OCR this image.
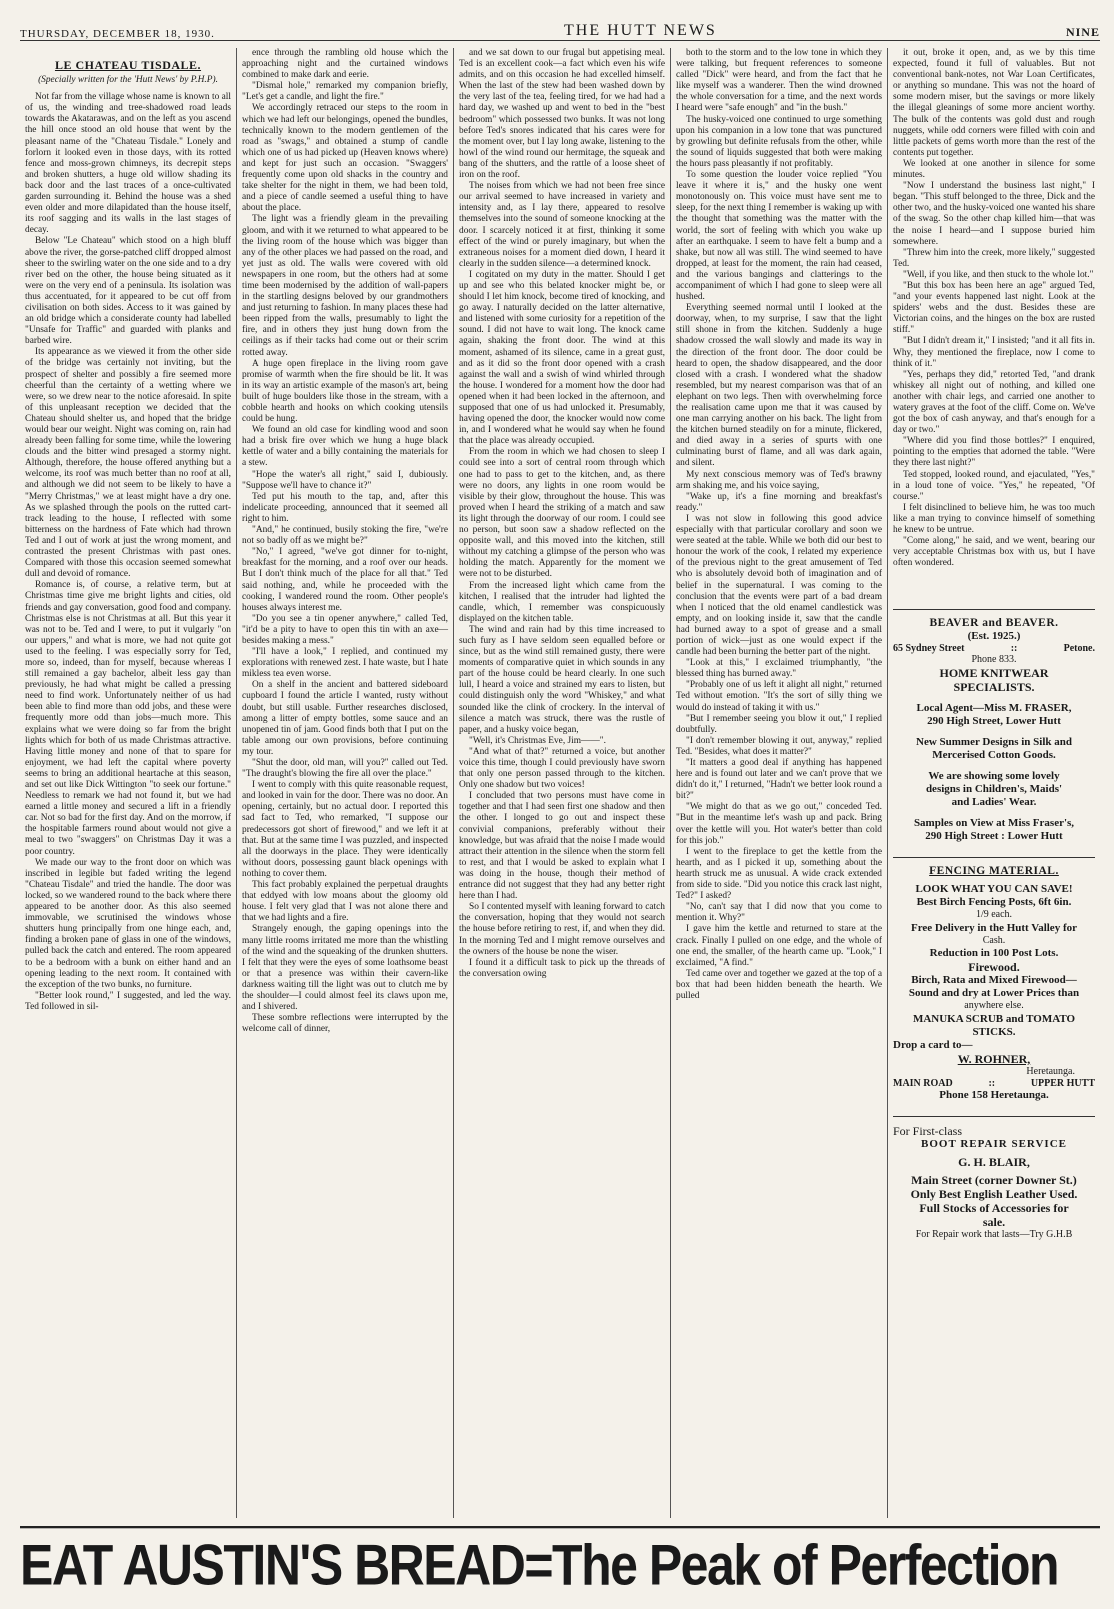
THURSDAY, DECEMBER 18, 1930.	THE HUTT NEWS	NINE
LE CHATEAU TISDALE.
(Specially written for the 'Hutt News' by P.H.P).

Not far from the village whose name is known to all of us, the winding and tree-shadowed road leads towards the Akatarawas, and on the left as you ascend the hill once stood an old house that went by the pleasant name of the "Chateau Tisdale." Lonely and forlorn it looked even in those days, with its rotted fence and moss-grown chimneys, its decrepit steps and broken shutters, a huge old willow shading its back door and the last traces of a once-cultivated garden surrounding it. Behind the house was a shed even older and more dilapidated than the house itself, its roof sagging and its walls in the last stages of decay.

Below "Le Chateau" which stood on a high bluff above the river, the gorse-patched cliff dropped almost sheer to the swirling water on the one side and to a dry river bed on the other, the house being situated as it were on the very end of a peninsula. Its isolation was thus accentuated, for it appeared to be cut off from civilisation on both sides. Access to it was gained by an old bridge which a considerate county had labelled "Unsafe for Traffic" and guarded with planks and barbed wire.

Its appearance as we viewed it from the other side of the bridge was certainly not inviting, but the prospect of shelter and possibly a fire seemed more cheerful than the certainty of a wetting where we were, so we drew near to the notice aforesaid. In spite of this unpleasant reception we decided that the Chateau should shelter us, and hoped that the bridge would bear our weight. Night was coming on, rain had already been falling for some time, while the lowering clouds and the bitter wind presaged a stormy night. Although, therefore, the house offered anything but a welcome, its roof was much better than no roof at all, and although we did not seem to be likely to have a "Merry Christmas," we at least might have a dry one. As we splashed through the pools on the rutted cart-track leading to the house, I reflected with some bitterness on the hardness of Fate which had thrown Ted and I out of work at just the wrong moment, and contrasted the present Christmas with past ones. Compared with those this occasion seemed somewhat dull and devoid of romance.

Romance is, of course, a relative term, but at Christmas time give me bright lights and cities, old friends and gay conversation, good food and company. Christmas else is not Christmas at all. But this year it was not to be. Ted and I were, to put it vulgarly "on our uppers," and what is more, we had not quite got used to the feeling. I was especially sorry for Ted, more so, indeed, than for myself, because whereas I still remained a gay bachelor, albeit less gay than previously, he had what might be called a pressing need to find work. Unfortunately neither of us had been able to find more than odd jobs, and these were frequently more odd than jobs—much more. This explains what we were doing so far from the bright lights which for both of us made Christmas attractive. Having little money and none of that to spare for enjoyment, we had left the capital where poverty seems to bring an additional heartache at this season, and set out like Dick Wittington "to seek our fortune." Needless to remark we had not found it, but we had earned a little money and secured a lift in a friendly car. Not so bad for the first day. And on the morrow, if the hospitable farmers round about would not give a meal to two "swaggers" on Christmas Day it was a poor country.

We made our way to the front door on which was inscribed in legible but faded writing the legend "Chateau Tisdale" and tried the handle. The door was locked, so we wandered round to the back where there appeared to be another door. As this also seemed immovable, we scrutinised the windows whose shutters hung principally from one hinge each, and, finding a broken pane of glass in one of the windows, pulled back the catch and entered. The room appeared to be a bedroom with a bunk on either hand and an opening leading to the next room. It contained with the exception of the two bunks, no furniture.

"Better look round," I suggested, and led the way. Ted followed in sil-

ence through the rambling old house which the approaching night and the curtained windows combined to make dark and eerie.

"Dismal hole," remarked my companion briefly, "Let's get a candle, and light the fire."

We accordingly retraced our steps to the room in which we had left our belongings, opened the bundles, technically known to the modern gentlemen of the road as "swags," and obtained a stump of candle which one of us had picked up (Heaven knows where) and kept for just such an occasion. "Swaggers' frequently come upon old shacks in the country and take shelter for the night in them, we had been told, and a piece of candle seemed a useful thing to have about the place.

The light was a friendly gleam in the prevailing gloom, and with it we returned to what appeared to be the living room of the house which was bigger than any of the other places we had passed on the road, and yet just as old. The walls were covered with old newspapers in one room, but the others had at some time been modernised by the addition of wall-papers in the startling designs beloved by our grandmothers and just returning to fashion. In many places these had been ripped from the walls, presumably to light the fire, and in others they just hung down from the ceilings as if their tacks had come out or their scrim rotted away.

A huge open fireplace in the living room gave promise of warmth when the fire should be lit. It was in its way an artistic example of the mason's art, being built of huge boulders like those in the stream, with a cobble hearth and hooks on which cooking utensils could be hung.

We found an old case for kindling wood and soon had a brisk fire over which we hung a huge black kettle of water and a billy containing the materials for a stew.

"Hope the water's all right," said I, dubiously. "Suppose we'll have to chance it?"

Ted put his mouth to the tap, and, after this indelicate proceeding, announced that it seemed all right to him.

"And," he continued, busily stoking the fire, "we're not so badly off as we might be?"

"No," I agreed, "we've got dinner for to-night, breakfast for the morning, and a roof over our heads. But I don't think much of the place for all that." Ted said nothing, and, while he proceeded with the cooking, I wandered round the room. Other people's houses always interest me.

"Do you see a tin opener anywhere," called Ted, "it'd be a pity to have to open this tin with an axe—besides making a mess."

"I'll have a look," I replied, and continued my explorations with renewed zest. I hate waste, but I hate mikless tea even worse.

On a shelf in the ancient and battered sideboard cupboard I found the article I wanted, rusty without doubt, but still usable. Further researches disclosed, among a litter of empty bottles, some sauce and an unopened tin of jam. Good finds both that I put on the table among our own provisions, before continuing my tour.

"Shut the door, old man, will you?" called out Ted. "The draught's blowing the fire all over the place."

I went to comply with this quite reasonable request, and looked in vain for the door. There was no door. An opening, certainly, but no actual door. I reported this sad fact to Ted, who remarked, "I suppose our predecessors got short of firewood," and we left it at that. But at the same time I was puzzled, and inspected all the doorways in the place. They were identically without doors, possessing gaunt black openings with nothing to cover them.

This fact probably explained the perpetual draughts that eddyed with low moans about the gloomy old house. I felt very glad that I was not alone there and that we had lights and a fire.

Strangely enough, the gaping openings into the many little rooms irritated me more than the whistling of the wind and the squeaking of the drunken shutters. I felt that they were the eyes of some loathsome beast or that a presence was within their cavern-like darkness waiting till the light was out to clutch me by the shoulder—I could almost feel its claws upon me, and I shivered.

These sombre reflections were interrupted by the welcome call of dinner,

and we sat down to our frugal but appetising meal. Ted is an excellent cook—a fact which even his wife admits, and on this occasion he had excelled himself. When the last of the stew had been washed down by the very last of the tea, feeling tired, for we had had a hard day, we washed up and went to bed in the "best bedroom" which possessed two bunks. It was not long before Ted's snores indicated that his cares were for the moment over, but I lay long awake, listening to the howl of the wind round our hermitage, the squeak and bang of the shutters, and the rattle of a loose sheet of iron on the roof.

The noises from which we had not been free since our arrival seemed to have increased in variety and intensity and, as I lay there, appeared to resolve themselves into the sound of someone knocking at the door. I scarcely noticed it at first, thinking it some effect of the wind or purely imaginary, but when the extraneous noises for a moment died down, I heard it clearly in the sudden silence—a determined knock.

I cogitated on my duty in the matter. Should I get up and see who this belated knocker might be, or should I let him knock, become tired of knocking, and go away. I naturally decided on the latter alternative, and listened with some curiosity for a repetition of the sound. I did not have to wait long. The knock came again, shaking the front door. The wind at this moment, ashamed of its silence, came in a great gust, and as it did so the front door opened with a crash against the wall and a swish of wind whirled through the house. I wondered for a moment how the door had opened when it had been locked in the afternoon, and supposed that one of us had unlocked it. Presumably, having opened the door, the knocker would now come in, and I wondered what he would say when he found that the place was already occupied.

From the room in which we had chosen to sleep I could see into a sort of central room through which one had to pass to get to the kitchen, and, as there were no doors, any lights in one room would be visible by their glow, throughout the house. This was proved when I heard the striking of a match and saw its light through the doorway of our room. I could see no person, but soon saw a shadow reflected on the opposite wall, and this moved into the kitchen, still without my catching a glimpse of the person who was holding the match. Apparently for the moment we were not to be disturbed.

From the increased light which came from the kitchen, I realised that the intruder had lighted the candle, which, I remember was conspicuously displayed on the kitchen table.

The wind and rain had by this time increased to such fury as I have seldom seen equalled before or since, but as the wind still remained gusty, there were moments of comparative quiet in which sounds in any part of the house could be heard clearly. In one such lull, I heard a voice and strained my ears to listen, but could distinguish only the word "Whiskey," and what sounded like the clink of crockery. In the interval of silence a match was struck, there was the rustle of paper, and a husky voice began,

"Well, it's Christmas Eve, Jim——".

"And what of that?" returned a voice, but another voice this time, though I could previously have sworn that only one person passed through to the kitchen. Only one shadow but two voices!

I concluded that two persons must have come in together and that I had seen first one shadow and then the other. I longed to go out and inspect these convivial companions, preferably without their knowledge, but was afraid that the noise I made would attract their attention in the silence when the storm fell to rest, and that I would be asked to explain what I was doing in the house, though their method of entrance did not suggest that they had any better right here than I had.

So I contented myself with leaning forward to catch the conversation, hoping that they would not search the house before retiring to rest, if, and when they did. In the morning Ted and I might remove ourselves and the owners of the house be none the wiser.

I found it a difficult task to pick up the threads of the conversation owing

both to the storm and to the low tone in which they were talking, but frequent references to someone called "Dick" were heard, and from the fact that he like myself was a wanderer. Then the wind drowned the whole conversation for a time, and the next words I heard were "safe enough" and "in the bush."

The husky-voiced one continued to urge something upon his companion in a low tone that was punctured by growling but definite refusals from the other, while the sound of liquids suggested that both were making the hours pass pleasantly if not profitably.

To some question the louder voice replied "You leave it where it is," and the husky one went monotonously on. This voice must have sent me to sleep, for the next thing I remember is waking up with the thought that something was the matter with the world, the sort of feeling with which you wake up after an earthquake. I seem to have felt a bump and a shake, but now all was still. The wind seemed to have dropped, at least for the moment, the rain had ceased, and the various bangings and clatterings to the accompaniment of which I had gone to sleep were all hushed.

Everything seemed normal until I looked at the doorway, when, to my surprise, I saw that the light still shone in from the kitchen. Suddenly a huge shadow crossed the wall slowly and made its way in the direction of the front door. The door could be heard to open, the shadow disappeared, and the door closed with a crash. I wondered what the shadow resembled, but my nearest comparison was that of an elephant on two legs. Then with overwhelming force the realisation came upon me that it was caused by one man carrying another on his back. The light from the kitchen burned steadily on for a minute, flickered, and died away in a series of spurts with one culminating burst of flame, and all was dark again, and silent.

My next conscious memory was of Ted's brawny arm shaking me, and his voice saying,

"Wake up, it's a fine morning and breakfast's ready."

I was not slow in following this good advice especially with that particular corollary and soon we were seated at the table. While we both did our best to honour the work of the cook, I related my experience of the previous night to the great amusement of Ted who is absolutely devoid both of imagination and of belief in the supernatural. I was coming to the conclusion that the events were part of a bad dream when I noticed that the old enamel candlestick was empty, and on looking inside it, saw that the candle had burned away to a spot of grease and a small portion of wick—just as one would expect if the candle had been burning the better part of the night.

"Look at this," I exclaimed triumphantly, "the blessed thing has burned away."

"Probably one of us left it alight all night," returned Ted without emotion. "It's the sort of silly thing we would do instead of taking it with us."

"But I remember seeing you blow it out," I replied doubtfully.

"I don't remember blowing it out, anyway," replied Ted. "Besides, what does it matter?"

"It matters a good deal if anything has happened here and is found out later and we can't prove that we didn't do it," I returned, "Hadn't we better look round a bit?"

"We might do that as we go out," conceded Ted. "But in the meantime let's wash up and pack. Bring over the kettle will you. Hot water's better than cold for this job."

I went to the fireplace to get the kettle from the hearth, and as I picked it up, something about the hearth struck me as unusual. A wide crack extended from side to side. "Did you notice this crack last night, Ted?" I asked?

"No, can't say that I did now that you come to mention it. Why?"

I gave him the kettle and returned to stare at the crack. Finally I pulled on one edge, and the whole of one end, the smaller, of the hearth came up. "Look," I exclaimed, "A find."

Ted came over and together we gazed at the top of a box that had been hidden beneath the hearth. We pulled

it out, broke it open, and, as we by this time expected, found it full of valuables. But not conventional bank-notes, not War Loan Certificates, or anything so mundane. This was not the hoard of some modern miser, but the savings or more likely the illegal gleanings of some more ancient worthy. The bulk of the contents was gold dust and rough nuggets, while odd corners were filled with coin and little packets of gems worth more than the rest of the contents put together.

We looked at one another in silence for some minutes.

"Now I understand the business last night," I began. "This stuff belonged to the three, Dick and the other two, and the husky-voiced one wanted his share of the swag. So the other chap killed him—that was the noise I heard—and I suppose buried him somewhere.

"Threw him into the creek, more likely," suggested Ted.

"Well, if you like, and then stuck to the whole lot."

"But this box has been here an age" argued Ted, "and your events happened last night. Look at the spiders' webs and the dust. Besides these are Victorian coins, and the hinges on the box are rusted stiff."

"But I didn't dream it," I insisted; "and it all fits in. Why, they mentioned the fireplace, now I come to think of it."

"Yes, perhaps they did," retorted Ted, "and drank whiskey all night out of nothing, and killed one another with chair legs, and carried one another to watery graves at the foot of the cliff. Come on. We've got the box of cash anyway, and that's enough for a day or two."

"Where did you find those bottles?" I enquired, pointing to the empties that adorned the table. "Were they there last night?"

Ted stopped, looked round, and ejaculated, "Yes," in a loud tone of voice. "Yes," he repeated, "Of course."

I felt disinclined to believe him, he was too much like a man trying to convince himself of something he knew to be untrue.

"Come along," he said, and we went, bearing our very acceptable Christmas box with us, but I have often wondered.

BEAVER and BEAVER.
(Est. 1925.)
65 Sydney Street	::	Petone.
Phone 833.
HOME KNITWEAR
SPECIALISTS.
Local Agent—Miss M. FRASER,
290 High Street, Lower Hutt
New Summer Designs in Silk and
Mercerised Cotton Goods.
We are showing some lovely
designs in Children's, Maids'
and Ladies' Wear.
Samples on View at Miss Fraser's,
290 High Street : Lower Hutt
FENCING MATERIAL.
LOOK WHAT YOU CAN SAVE!
Best Birch Fencing Posts, 6ft 6in.
1/9 each.
Free Delivery in the Hutt Valley for
Cash.
Reduction in 100 Post Lots.
Firewood.
Birch, Rata and Mixed Firewood—
Sound and dry at Lower Prices than
anywhere else.
MANUKA SCRUB and TOMATO
STICKS.
Drop a card to—
W. ROHNER,
Heretaunga.
MAIN ROAD	::	UPPER HUTT
Phone 158 Heretaunga.
For First-class
BOOT REPAIR SERVICE
G. H. BLAIR,
Main Street (corner Downer St.)
Only Best English Leather Used.
Full Stocks of Accessories for
sale.
For Repair work that lasts—Try G.H.B
EAT AUSTIN'S BREAD=The Peak of Perfection
